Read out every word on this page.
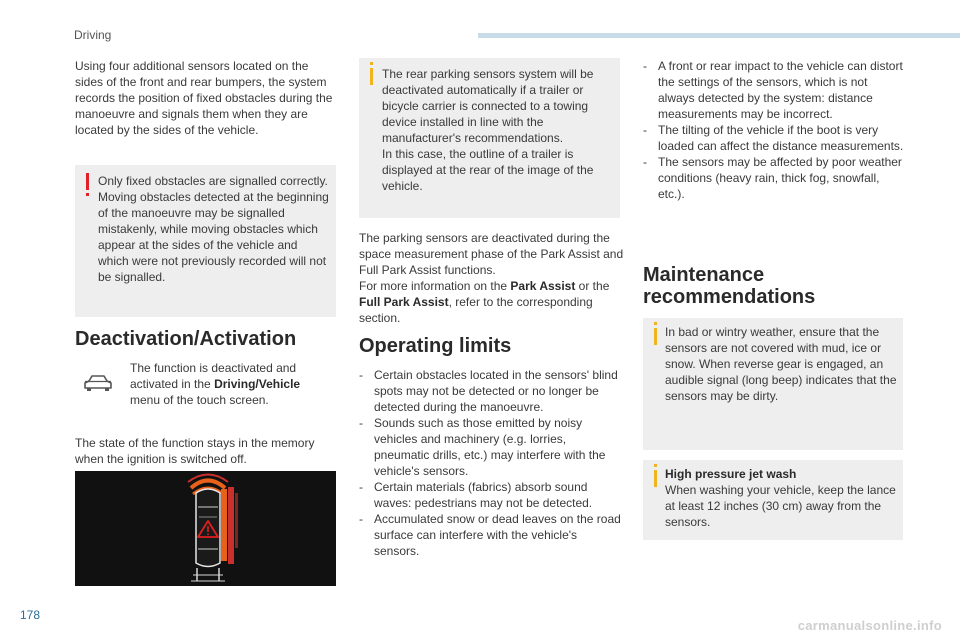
Driving

Using four additional sensors located on the sides of the front and rear bumpers, the system records the position of fixed obstacles during the manoeuvre and signals them when they are located by the sides of the vehicle.

Only fixed obstacles are signalled correctly. Moving obstacles detected at the beginning of the manoeuvre may be signalled mistakenly, while moving obstacles which appear at the sides of the vehicle and which were not previously recorded will not be signalled.

Deactivation/Activation

The function is deactivated and activated in the Driving/Vehicle menu of the touch screen.

The state of the function stays in the memory when the ignition is switched off.

The rear parking sensors system will be deactivated automatically if a trailer or bicycle carrier is connected to a towing device installed in line with the manufacturer's recommendations.
In this case, the outline of a trailer is displayed at the rear of the image of the vehicle.

The parking sensors are deactivated during the space measurement phase of the Park Assist and Full Park Assist functions.
For more information on the Park Assist or the Full Park Assist, refer to the corresponding section.

Operating limits
- Certain obstacles located in the sensors' blind spots may not be detected or no longer be detected during the manoeuvre.
- Sounds such as those emitted by noisy vehicles and machinery (e.g. lorries, pneumatic drills, etc.) may interfere with the vehicle's sensors.
- Certain materials (fabrics) absorb sound waves: pedestrians may not be detected.
- Accumulated snow or dead leaves on the road surface can interfere with the vehicle's sensors.
- A front or rear impact to the vehicle can distort the settings of the sensors, which is not always detected by the system: distance measurements may be incorrect.
- The tilting of the vehicle if the boot is very loaded can affect the distance measurements.
- The sensors may be affected by poor weather conditions (heavy rain, thick fog, snowfall, etc.).
Maintenance recommendations

In bad or wintry weather, ensure that the sensors are not covered with mud, ice or snow. When reverse gear is engaged, an audible signal (long beep) indicates that the sensors may be dirty.

High pressure jet wash
When washing your vehicle, keep the lance at least 12 inches (30 cm) away from the sensors.

178
carmanualsonline.info
